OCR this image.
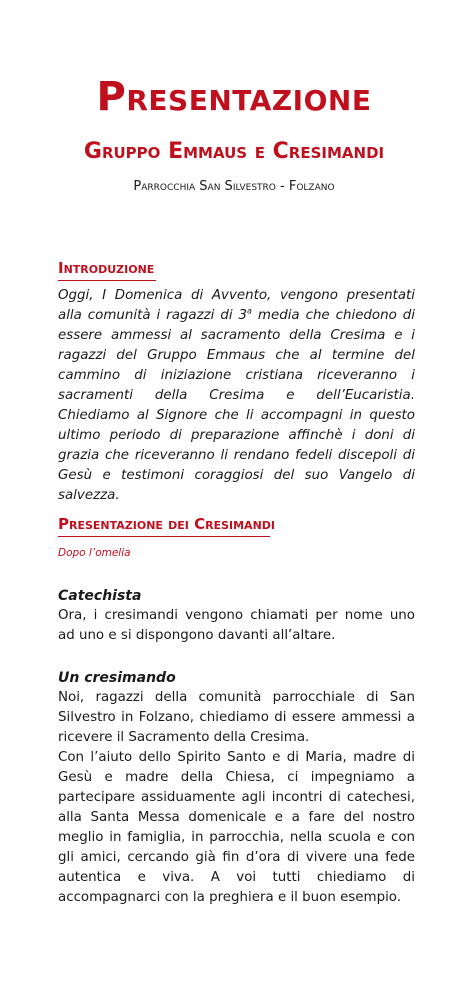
Presentazione
Gruppo Emmaus e Cresimandi

Parrocchia San Silvestro - Folzano

Introduzione

Oggi, I Domenica di Avvento, vengono presentati alla comunità i ragazzi di 3$^a$ media che chiedono di essere ammessi al sacramento della Cresima e i ragazzi del Gruppo Emmaus che al termine del cammino di iniziazione cristiana riceveranno i sacramenti della Cresima e dell’Eucaristia. Chiediamo al Signore che li accompagni in questo ultimo periodo di preparazione affinchè i doni di grazia che riceveranno li rendano fedeli discepoli di Gesù e testimoni coraggiosi del suo Vangelo di salvezza.

Presentazione dei Cresimandi

Dopo l’omelia

Catechista

Ora, i cresimandi vengono chiamati per nome uno ad uno e si dispongono davanti all’altare.

Un cresimando

Noi, ragazzi della comunità parrocchiale di San Silvestro in Folzano, chiediamo di essere ammessi a ricevere il Sacramento della Cresima.

Con l’aiuto dello Spirito Santo e di Maria, madre di Gesù e madre della Chiesa, ci impegniamo a partecipare assiduamente agli incontri di catechesi, alla Santa Messa domenicale e a fare del nostro meglio in famiglia, in parrocchia, nella scuola e con gli amici, cercando già fin d’ora di vivere una fede autentica e viva. A voi tutti chiediamo di accompagnarci con la preghiera e il buon esempio.
